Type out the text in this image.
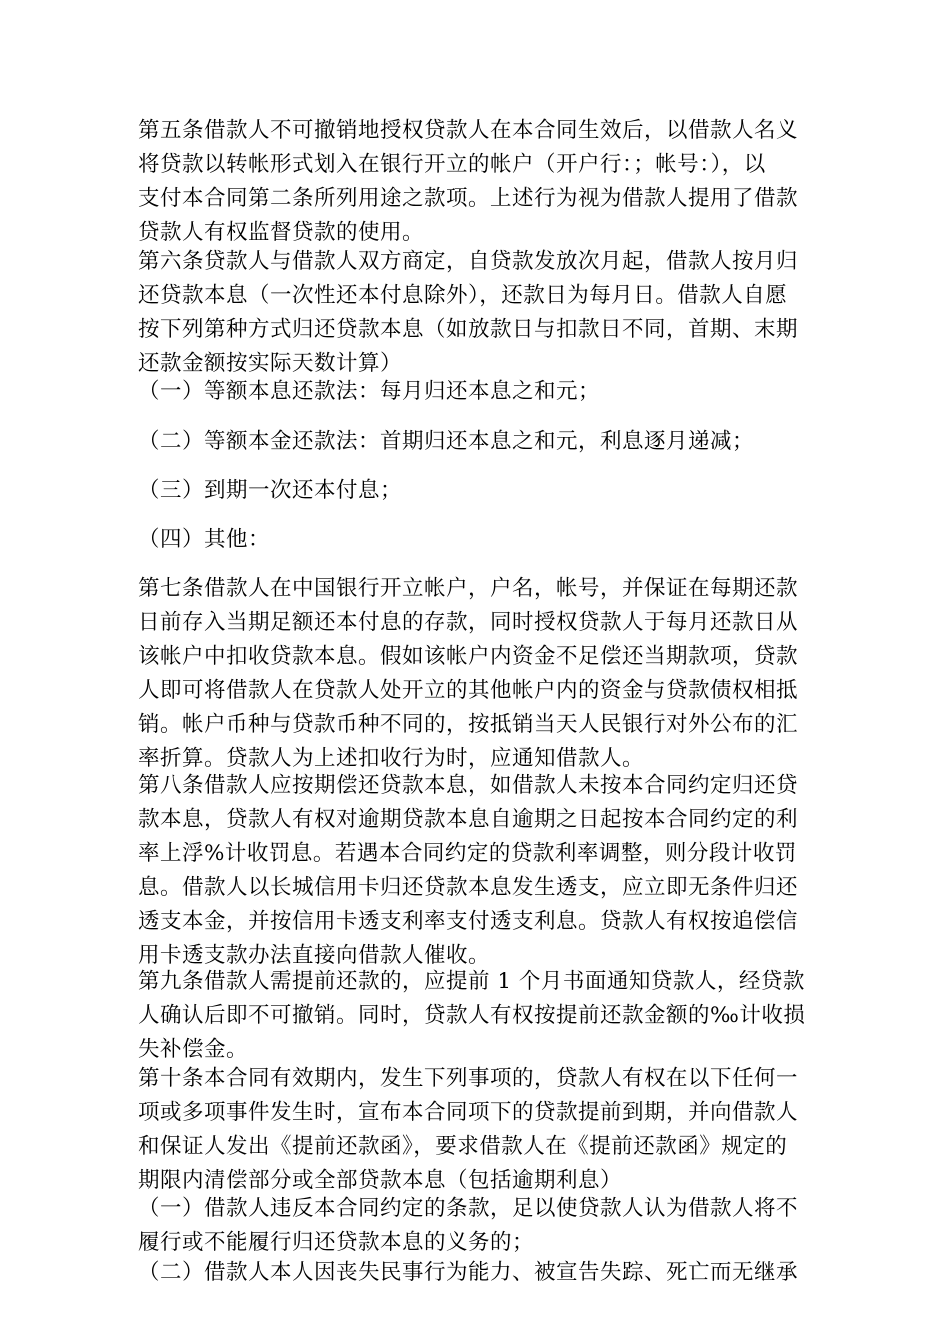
第五条借款人不可撤销地授权贷款人在本合同生效后，以借款人名义
将贷款以转帐形式划入在银行开立的帐户（开户行：；帐号：），以
支付本合同第二条所列用途之款项。上述行为视为借款人提用了借款
贷款人有权监督贷款的使用。

第六条贷款人与借款人双方商定，自贷款发放次月起，借款人按月归
还贷款本息（一次性还本付息除外），还款日为每月日。借款人自愿
按下列第种方式归还贷款本息（如放款日与扣款日不同，首期、末期
还款金额按实际天数计算）

（一）等额本息还款法：每月归还本息之和元；

（二）等额本金还款法：首期归还本息之和元，利息逐月递减；

（三）到期一次还本付息；

（四）其他：

第七条借款人在中国银行开立帐户，户名，帐号，并保证在每期还款
日前存入当期足额还本付息的存款，同时授权贷款人于每月还款日从
该帐户中扣收贷款本息。假如该帐户内资金不足偿还当期款项，贷款
人即可将借款人在贷款人处开立的其他帐户内的资金与贷款债权相抵
销。帐户币种与贷款币种不同的，按抵销当天人民银行对外公布的汇
率折算。贷款人为上述扣收行为时，应通知借款人。

第八条借款人应按期偿还贷款本息，如借款人未按本合同约定归还贷
款本息，贷款人有权对逾期贷款本息自逾期之日起按本合同约定的利
率上浮%计收罚息。若遇本合同约定的贷款利率调整，则分段计收罚
息。借款人以长城信用卡归还贷款本息发生透支，应立即无条件归还
透支本金，并按信用卡透支利率支付透支利息。贷款人有权按追偿信
用卡透支款办法直接向借款人催收。

第九条借款人需提前还款的，应提前 1 个月书面通知贷款人，经贷款
人确认后即不可撤销。同时，贷款人有权按提前还款金额的‰计收损
失补偿金。

第十条本合同有效期内，发生下列事项的，贷款人有权在以下任何一
项或多项事件发生时，宣布本合同项下的贷款提前到期，并向借款人
和保证人发出《提前还款函》，要求借款人在《提前还款函》规定的
期限内清偿部分或全部贷款本息（包括逾期利息）

（一）借款人违反本合同约定的条款，足以使贷款人认为借款人将不
履行或不能履行归还贷款本息的义务的；

（二）借款人本人因丧失民事行为能力、被宣告失踪、死亡而无继承
